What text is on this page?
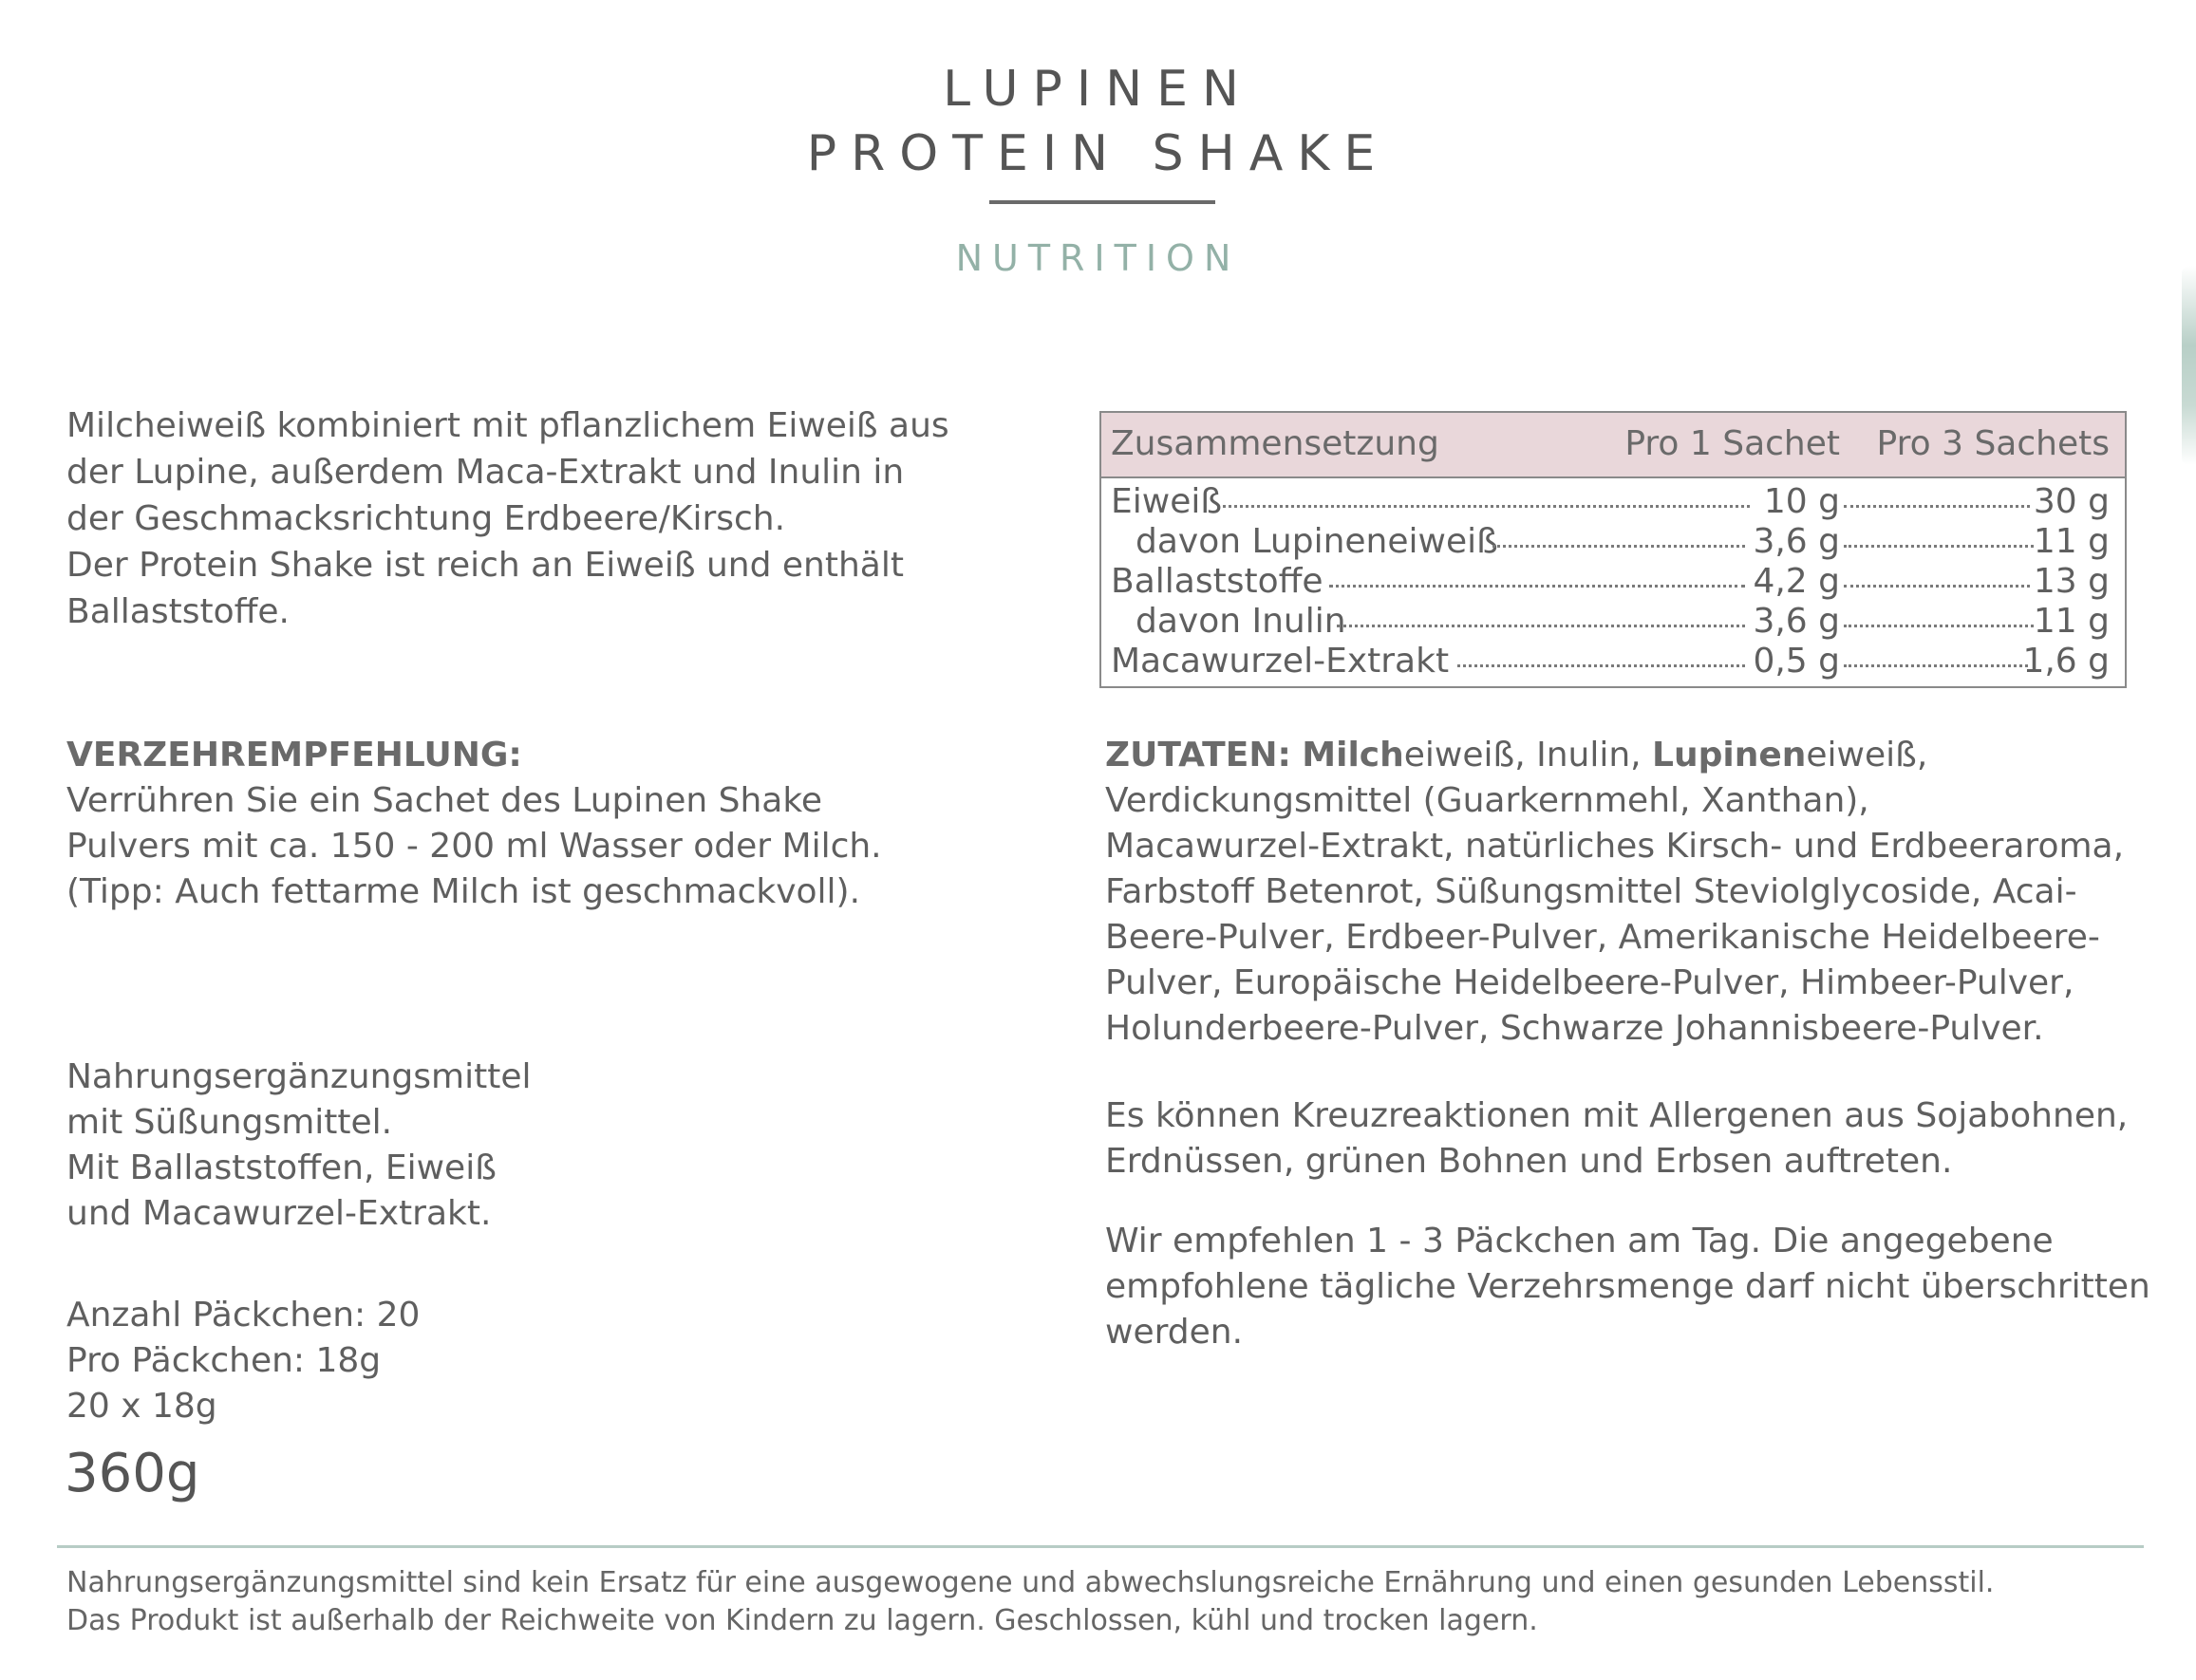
LUPINEN
PROTEIN SHAKE
NUTRITION
Milcheiweiß kombiniert mit pflanzlichem Eiweiß aus
der Lupine, außerdem Maca-Extrakt und Inulin in
der Geschmacksrichtung Erdbeere/Kirsch.
Der Protein Shake ist reich an Eiweiß und enthält
Ballaststoffe.
Zusammensetzung	Pro 1 Sachet Pro 3 Sachets
Eiweiß	10 g	30 g
davon Lupineneiweiß	3,6 g	11 g
Ballaststoffe	4,2 g	13 g
davon Inulin	3,6 g	11 g
Macawurzel-Extrakt	0,5 g	1,6 g
VERZEHREMPFEHLUNG:
Verrühren Sie ein Sachet des Lupinen Shake
Pulvers mit ca. 150 - 200 ml Wasser oder Milch.
(Tipp: Auch fettarme Milch ist geschmackvoll).
ZUTATEN: Milcheiweiß, Inulin, Lupineneiweiß,
Verdickungsmittel (Guarkernmehl, Xanthan),
Macawurzel-Extrakt, natürliches Kirsch- und Erdbeeraroma,
Farbstoff Betenrot, Süßungsmittel Steviolglycoside, Acai-
Beere-Pulver, Erdbeer-Pulver, Amerikanische Heidelbeere-
Pulver, Europäische Heidelbeere-Pulver, Himbeer-Pulver,
Holunderbeere-Pulver, Schwarze Johannisbeere-Pulver.
Es können Kreuzreaktionen mit Allergenen aus Sojabohnen,
Erdnüssen, grünen Bohnen und Erbsen auftreten.
Wir empfehlen 1 - 3 Päckchen am Tag. Die angegebene
empfohlene tägliche Verzehrsmenge darf nicht überschritten
werden.
Nahrungsergänzungsmittel
mit Süßungsmittel.
Mit Ballaststoffen, Eiweiß
und Macawurzel-Extrakt.
Anzahl Päckchen: 20
Pro Päckchen: 18g
20 x 18g
360g
Nahrungsergänzungsmittel sind kein Ersatz für eine ausgewogene und abwechslungsreiche Ernährung und einen gesunden Lebensstil.
Das Produkt ist außerhalb der Reichweite von Kindern zu lagern. Geschlossen, kühl und trocken lagern.
